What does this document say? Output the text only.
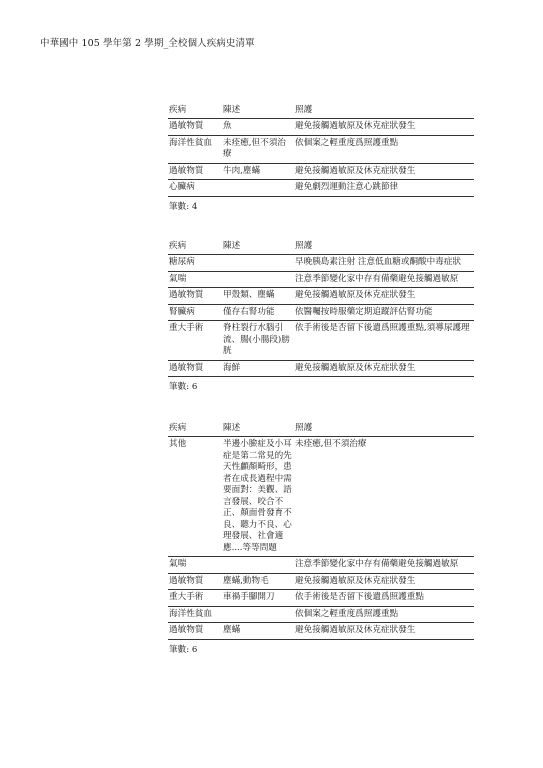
中華國中 105 學年第 2 學期_全校個人疾病史清單
疾病	陳述	照護
過敏物質	魚	避免接觸過敏原及休克症狀發生
海洋性貧血	未痊癒,但不須治療	依個案之輕重度爲照護重點
過敏物質	牛肉,塵蟎	避免接觸過敏原及休克症狀發生
心臟病		避免劇烈運動注意心跳節律
筆數: 4
疾病	陳述	照護
糖尿病		早晚胰島素注射 注意低血糖或酮酸中毒症狀
氣喘		注意季節變化家中存有備藥避免接觸過敏原
過敏物質	甲殼類、塵蟎	避免接觸過敏原及休克症狀發生
腎臟病	僅存右腎功能	依醫囑按時服藥定期追蹤評估腎功能
重大手術	脊柱裂行水腦引流、腸(小腸段)膀胱	依手術後是否留下後遺爲照護重點,須導尿護理
過敏物質	海鮮	避免接觸過敏原及休克症狀發生
筆數: 6
疾病	陳述	照護
其他	半邊小臉症及小耳症是第二常見的先天性顱顏畸形，患者在成長過程中需要面對：美觀、語言發展、咬合不正、顏面骨發育不良、聽力不良、心理發展、社會適應....等等問題	未痊癒,但不須治療
氣喘		注意季節變化家中存有備藥避免接觸過敏原
過敏物質	塵蟎,動物毛	避免接觸過敏原及休克症狀發生
重大手術	車禍手腳開刀	依手術後是否留下後遺爲照護重點
海洋性貧血		依個案之輕重度爲照護重點
過敏物質	塵蟎	避免接觸過敏原及休克症狀發生
筆數: 6
